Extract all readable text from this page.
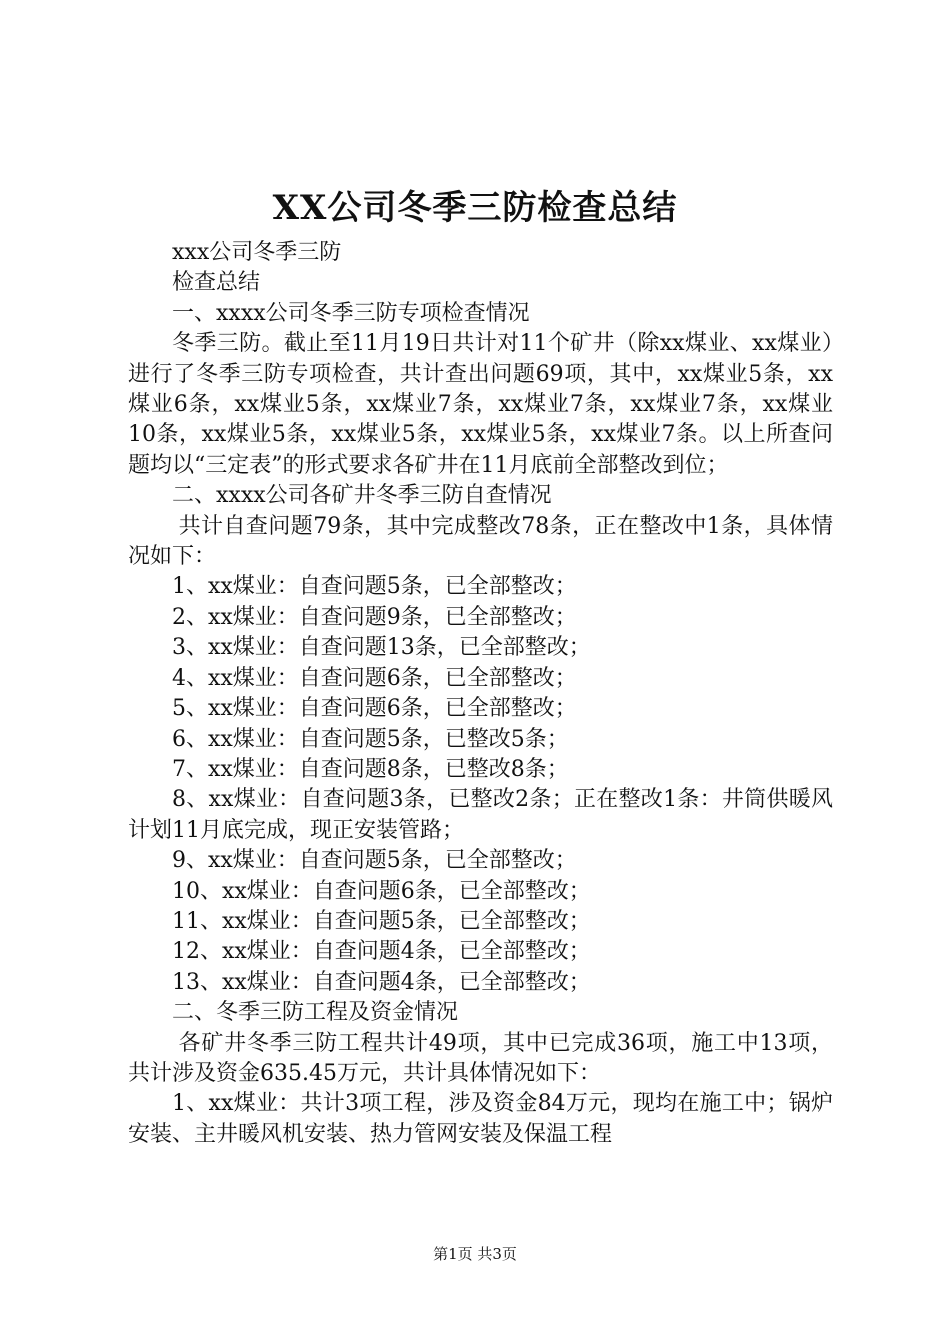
XX公司冬季三防检查总结

xxx公司冬季三防

检查总结

一、xxxx公司冬季三防专项检查情况

冬季三防。截止至11月19日共计对11个矿井（除xx煤业、xx煤业）进行了冬季三防专项检查，共计查出问题69项，其中，xx煤业5条，xx煤业6条，xx煤业5条，xx煤业7条，xx煤业7条，xx煤业7条，xx煤业10条，xx煤业5条，xx煤业5条，xx煤业5条，xx煤业7条。以上所查问题均以“三定表”的形式要求各矿井在11月底前全部整改到位；

二、xxxx公司各矿井冬季三防自查情况

共计自查问题79条，其中完成整改78条，正在整改中1条，具体情况如下：

1、xx煤业：自查问题5条，已全部整改；

2、xx煤业：自查问题9条，已全部整改；

3、xx煤业：自查问题13条，已全部整改；

4、xx煤业：自查问题6条，已全部整改；

5、xx煤业：自查问题6条，已全部整改；

6、xx煤业：自查问题5条，已整改5条；

7、xx煤业：自查问题8条，已整改8条；

8、xx煤业：自查问题3条，已整改2条；正在整改1条：井筒供暖风计划11月底完成，现正安装管路；

9、xx煤业：自查问题5条，已全部整改；

10、xx煤业：自查问题6条，已全部整改；

11、xx煤业：自查问题5条，已全部整改；

12、xx煤业：自查问题4条，已全部整改；

13、xx煤业：自查问题4条，已全部整改；

二、冬季三防工程及资金情况

各矿井冬季三防工程共计49项，其中已完成36项，施工中13项，共计涉及资金635.45万元，共计具体情况如下：

1、xx煤业：共计3项工程，涉及资金84万元，现均在施工中；锅炉安装、主井暖风机安装、热力管网安装及保温工程

第1页 共3页
